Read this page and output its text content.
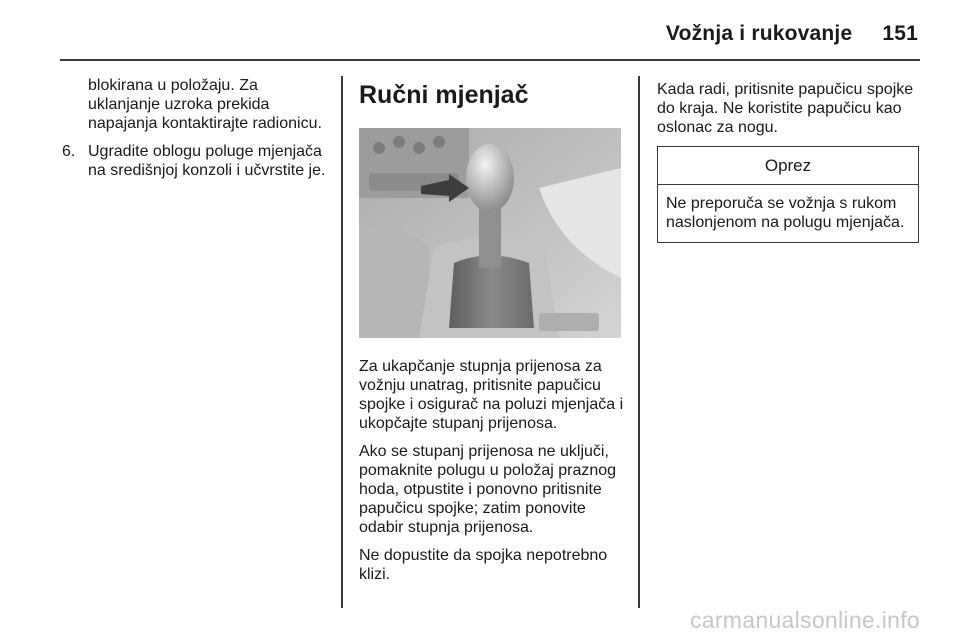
Vožnja i rukovanje 151

blokirana u položaju. Za uklanjanje uzroka prekida napajanja kontaktirajte radionicu.

6. Ugradite oblogu poluge mjenjača na središnjoj konzoli i učvrstite je.
Ručni mjenjač

Za ukapčanje stupnja prijenosa za vožnju unatrag, pritisnite papučicu spojke i osigurač na poluzi mjenjača i ukopčajte stupanj prijenosa.

Ako se stupanj prijenosa ne uključi, pomaknite polugu u položaj praznog hoda, otpustite i ponovno pritisnite papučicu spojke; zatim ponovite odabir stupnja prijenosa.

Ne dopustite da spojka nepotrebno klizi.

Kada radi, pritisnite papučicu spojke do kraja. Ne koristite papučicu kao oslonac za nogu.

Oprez
Ne preporuča se vožnja s rukom naslonjenom na polugu mjenjača.
carmanualsonline.info
